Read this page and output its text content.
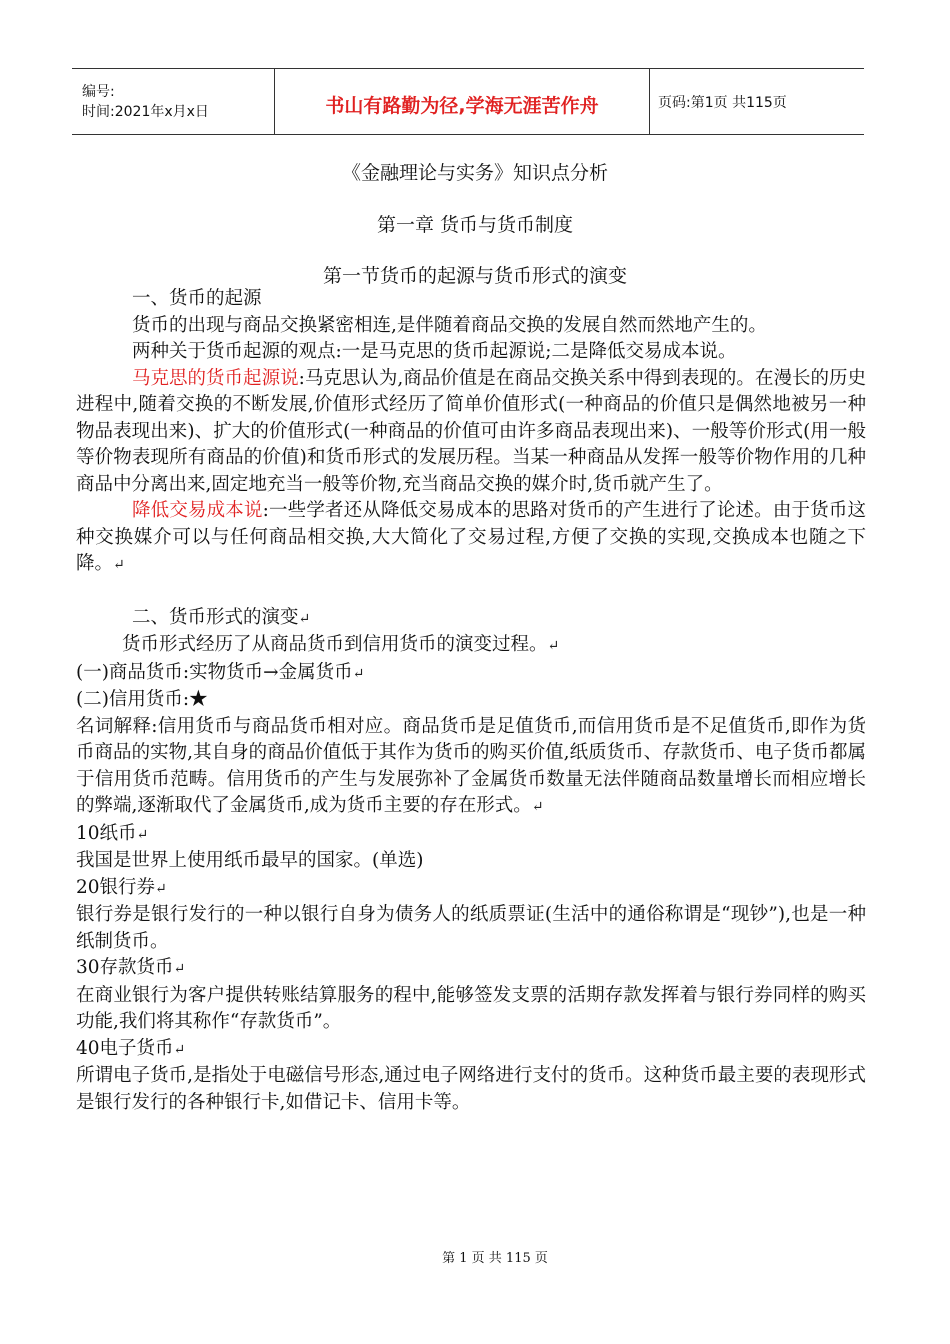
编号:
时间:2021年x月x日	书山有路勤为径,学海无涯苦作舟	页码:第1页 共115页
《金融理论与实务》知识点分析
第一章 货币与货币制度
第一节货币的起源与货币形式的演变

一、货币的起源

货币的出现与商品交换紧密相连,是伴随着商品交换的发展自然而然地产生的。

两种关于货币起源的观点:一是马克思的货币起源说;二是降低交易成本说。

马克思的货币起源说:马克思认为,商品价值是在商品交换关系中得到表现的。在漫长的历史进程中,随着交换的不断发展,价值形式经历了简单价值形式(一种商品的价值只是偶然地被另一种物品表现出来)、扩大的价值形式(一种商品的价值可由许多商品表现出来)、一般等价形式(用一般等价物表现所有商品的价值)和货币形式的发展历程。当某一种商品从发挥一般等价物作用的几种商品中分离出来,固定地充当一般等价物,充当商品交换的媒介时,货币就产生了。

降低交易成本说:一些学者还从降低交易成本的思路对货币的产生进行了论述。由于货币这种交换媒介可以与任何商品相交换,大大简化了交易过程,方便了交换的实现,交换成本也随之下降。↵

二、货币形式的演变↵

货币形式经历了从商品货币到信用货币的演变过程。↵

(一)商品货币:实物货币→金属货币↵

(二)信用货币:★

名词解释:信用货币与商品货币相对应。商品货币是足值货币,而信用货币是不足值货币,即作为货币商品的实物,其自身的商品价值低于其作为货币的购买价值,纸质货币、存款货币、电子货币都属于信用货币范畴。信用货币的产生与发展弥补了金属货币数量无法伴随商品数量增长而相应增长的弊端,逐渐取代了金属货币,成为货币主要的存在形式。↵

10纸币↵

我国是世界上使用纸币最早的国家。(单选)

20银行券↵

银行券是银行发行的一种以银行自身为债务人的纸质票证(生活中的通俗称谓是“现钞”),也是一种纸制货币。

30存款货币↵

在商业银行为客户提供转账结算服务的程中,能够签发支票的活期存款发挥着与银行券同样的购买功能,我们将其称作“存款货币”。

40电子货币↵

所谓电子货币,是指处于电磁信号形态,通过电子网络进行支付的货币。这种货币最主要的表现形式是银行发行的各种银行卡,如借记卡、信用卡等。

第 1 页 共 115 页
